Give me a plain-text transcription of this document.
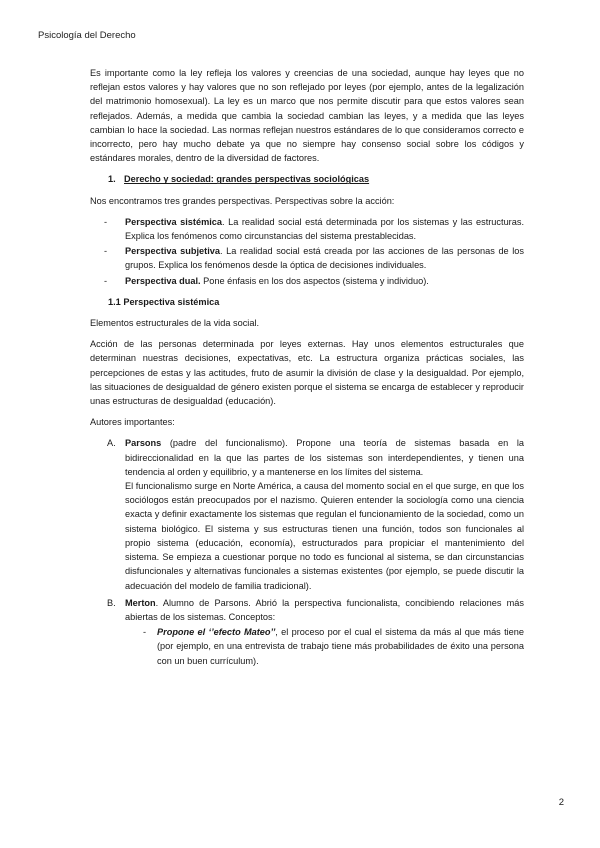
Psicología del Derecho

Es importante como la ley refleja los valores y creencias de una sociedad, aunque hay leyes que no reflejan estos valores y hay valores que no son reflejado por leyes (por ejemplo, antes de la legalización del matrimonio homosexual). La ley es un marco que nos permite discutir para que estos valores sean reflejados. Además, a medida que cambia la sociedad cambian las leyes, y a medida que las leyes cambian lo hace la sociedad. Las normas reflejan nuestros estándares de lo que consideramos correcto e incorrecto, pero hay mucho debate ya que no siempre hay consenso social sobre los códigos y estándares morales, dentro de la diversidad de factores.

1. Derecho y sociedad: grandes perspectivas sociológicas

Nos encontramos tres grandes perspectivas. Perspectivas sobre la acción:

-	Perspectiva sistémica. La realidad social está determinada por los sistemas y las estructuras. Explica los fenómenos como circunstancias del sistema prestablecidas.
-	Perspectiva subjetiva. La realidad social está creada por las acciones de las personas de los grupos. Explica los fenómenos desde la óptica de decisiones individuales.
-	Perspectiva dual. Pone énfasis en los dos aspectos (sistema y individuo).
1.1 Perspectiva sistémica

Elementos estructurales de la vida social.

Acción de las personas determinada por leyes externas. Hay unos elementos estructurales que determinan nuestras decisiones, expectativas, etc. La estructura organiza prácticas sociales, las percepciones de estas y las actitudes, fruto de asumir la división de clase y la desigualdad. Por ejemplo, las situaciones de desigualdad de género existen porque el sistema se encarga de establecer y reproducir unas estructuras de desigualdad (educación).

Autores importantes:

A.	Parsons (padre del funcionalismo). Propone una teoría de sistemas basada en la bidireccionalidad en la que las partes de los sistemas son interdependientes, y tienen una tendencia al orden y equilibrio, y a mantenerse en los límites del sistema.

El funcionalismo surge en Norte América, a causa del momento social en el que surge, en que los sociólogos están preocupados por el nazismo. Quieren entender la sociología como una ciencia exacta y definir exactamente los sistemas que regulan el funcionamiento de la sociedad, como un sistema biológico. El sistema y sus estructuras tienen una función, todos son funcionales al propio sistema (educación, economía), estructurados para propiciar el mantenimiento del sistema. Se empieza a cuestionar porque no todo es funcional al sistema, se dan circunstancias disfuncionales y alternativas funcionales a sistemas existentes (por ejemplo, se puede discutir la adecuación del modelo de familia tradicional).

B.	Merton. Alumno de Parsons. Abrió la perspectiva funcionalista, concibiendo relaciones más abiertas de los sistemas. Conceptos:

-	Propone el ‘’efecto Mateo’’, el proceso por el cual el sistema da más al que más tiene (por ejemplo, en una entrevista de trabajo tiene más probabilidades de éxito una persona con un buen currículum).
2
